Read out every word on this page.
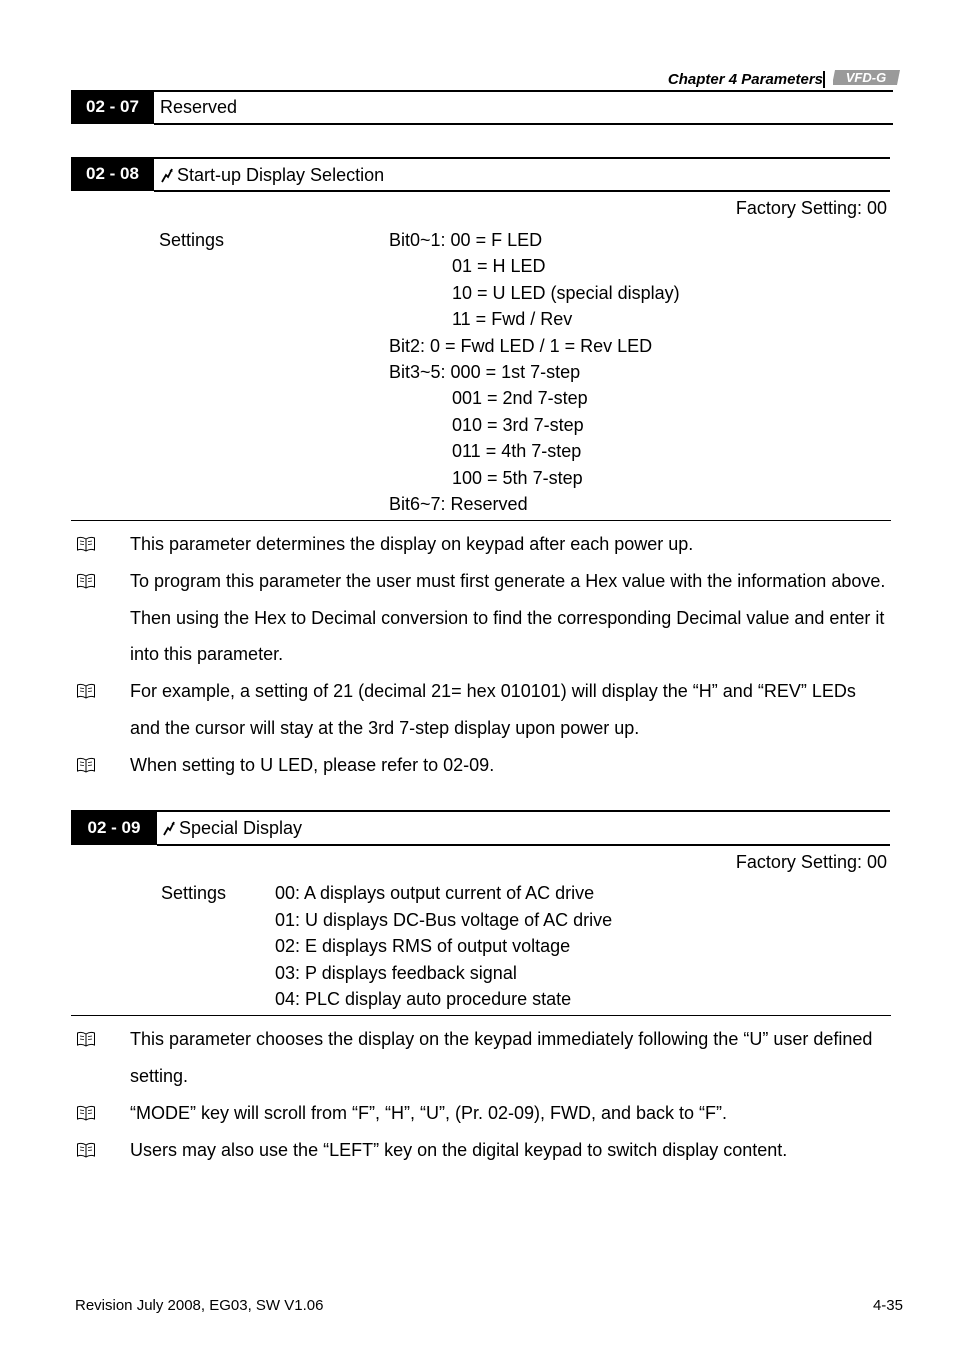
Chapter 4 Parameters VFD-G
02 - 07	Reserved
02 - 08	Start-up Display Selection
Factory Setting: 00
Settings	Bit0~1: 00 = F LED
01 = H LED
10 = U LED (special display)
11 = Fwd / Rev
Bit2: 0 = Fwd LED / 1 = Rev LED
Bit3~5: 000 = 1st 7-step
001 = 2nd 7-step
010 = 3rd 7-step
011 = 4th 7-step
100 = 5th 7-step
Bit6~7: Reserved
This parameter determines the display on keypad after each power up.
To program this parameter the user must first generate a Hex value with the information above.
Then using the Hex to Decimal conversion to find the corresponding Decimal value and enter it
into this parameter.
For example, a setting of 21 (decimal 21= hex 010101) will display the “H” and “REV” LEDs
and the cursor will stay at the 3rd 7-step display upon power up.
When setting to U LED, please refer to 02-09.
02 - 09	Special Display
Factory Setting: 00
Settings	00: A displays output current of AC drive
01: U displays DC-Bus voltage of AC drive
02: E displays RMS of output voltage
03: P displays feedback signal
04: PLC display auto procedure state
This parameter chooses the display on the keypad immediately following the “U” user defined
setting.
“MODE” key will scroll from “F”, “H”, “U”, (Pr. 02-09), FWD, and back to “F”.
Users may also use the “LEFT” key on the digital keypad to switch display content.
Revision July 2008, EG03, SW V1.06	4-35
